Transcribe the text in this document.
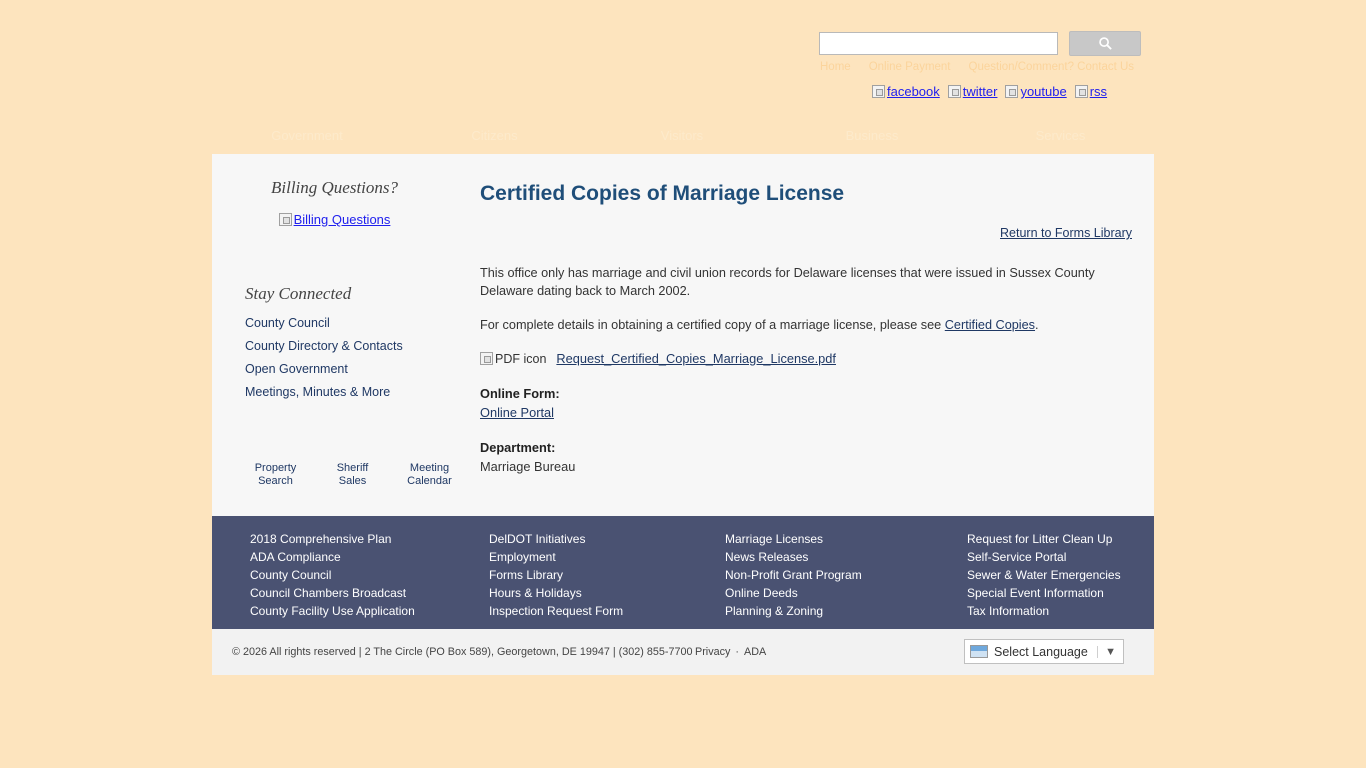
Home Online Payment Question/Comment? Contact Us
facebook twitter youtube rss
Government	Citizens	Visitors	Business	Services
Billing Questions?
Billing Questions
Stay Connected
County Council
County Directory & Contacts
Open Government
Meetings, Minutes & More
Property
Search
Sheriff
Sales
Meeting
Calendar
Certified Copies of Marriage License
Return to Forms Library

This office only has marriage and civil union records for Delaware licenses that were issued in Sussex County Delaware dating back to March 2002.

For complete details in obtaining a certified copy of a marriage license, please see Certified Copies.

PDF icon Request_Certified_Copies_Marriage_License.pdf

Online Form:

Online Portal

Department:

Marriage Bureau

2018 Comprehensive Plan
ADA Compliance
County Council
Council Chambers Broadcast
County Facility Use Application
DelDOT Initiatives
Employment
Forms Library
Hours & Holidays
Inspection Request Form
Marriage Licenses
News Releases
Non-Profit Grant Program
Online Deeds
Planning & Zoning
Request for Litter Clean Up
Self-Service Portal
Sewer & Water Emergencies
Special Event Information
Tax Information
© 2026 All rights reserved | 2 The Circle (PO Box 589), Georgetown, DE 19947 | (302) 855-7700 Privacy · ADA	Select Language	▼
